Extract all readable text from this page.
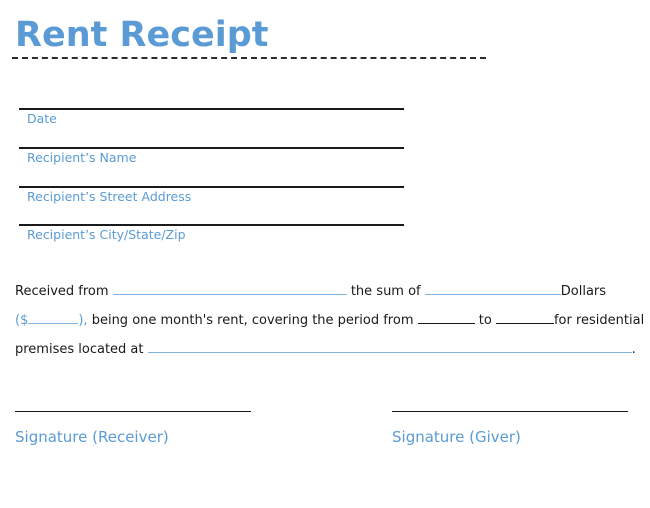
Rent Receipt
Date
Recipient’s Name
Recipient’s Street Address
Recipient’s City/State/Zip
Received from	the sum of	Dollars
($	), being one month's rent, covering the period from	to	for residential
premises located at	.
Signature (Receiver)	Signature (Giver)
